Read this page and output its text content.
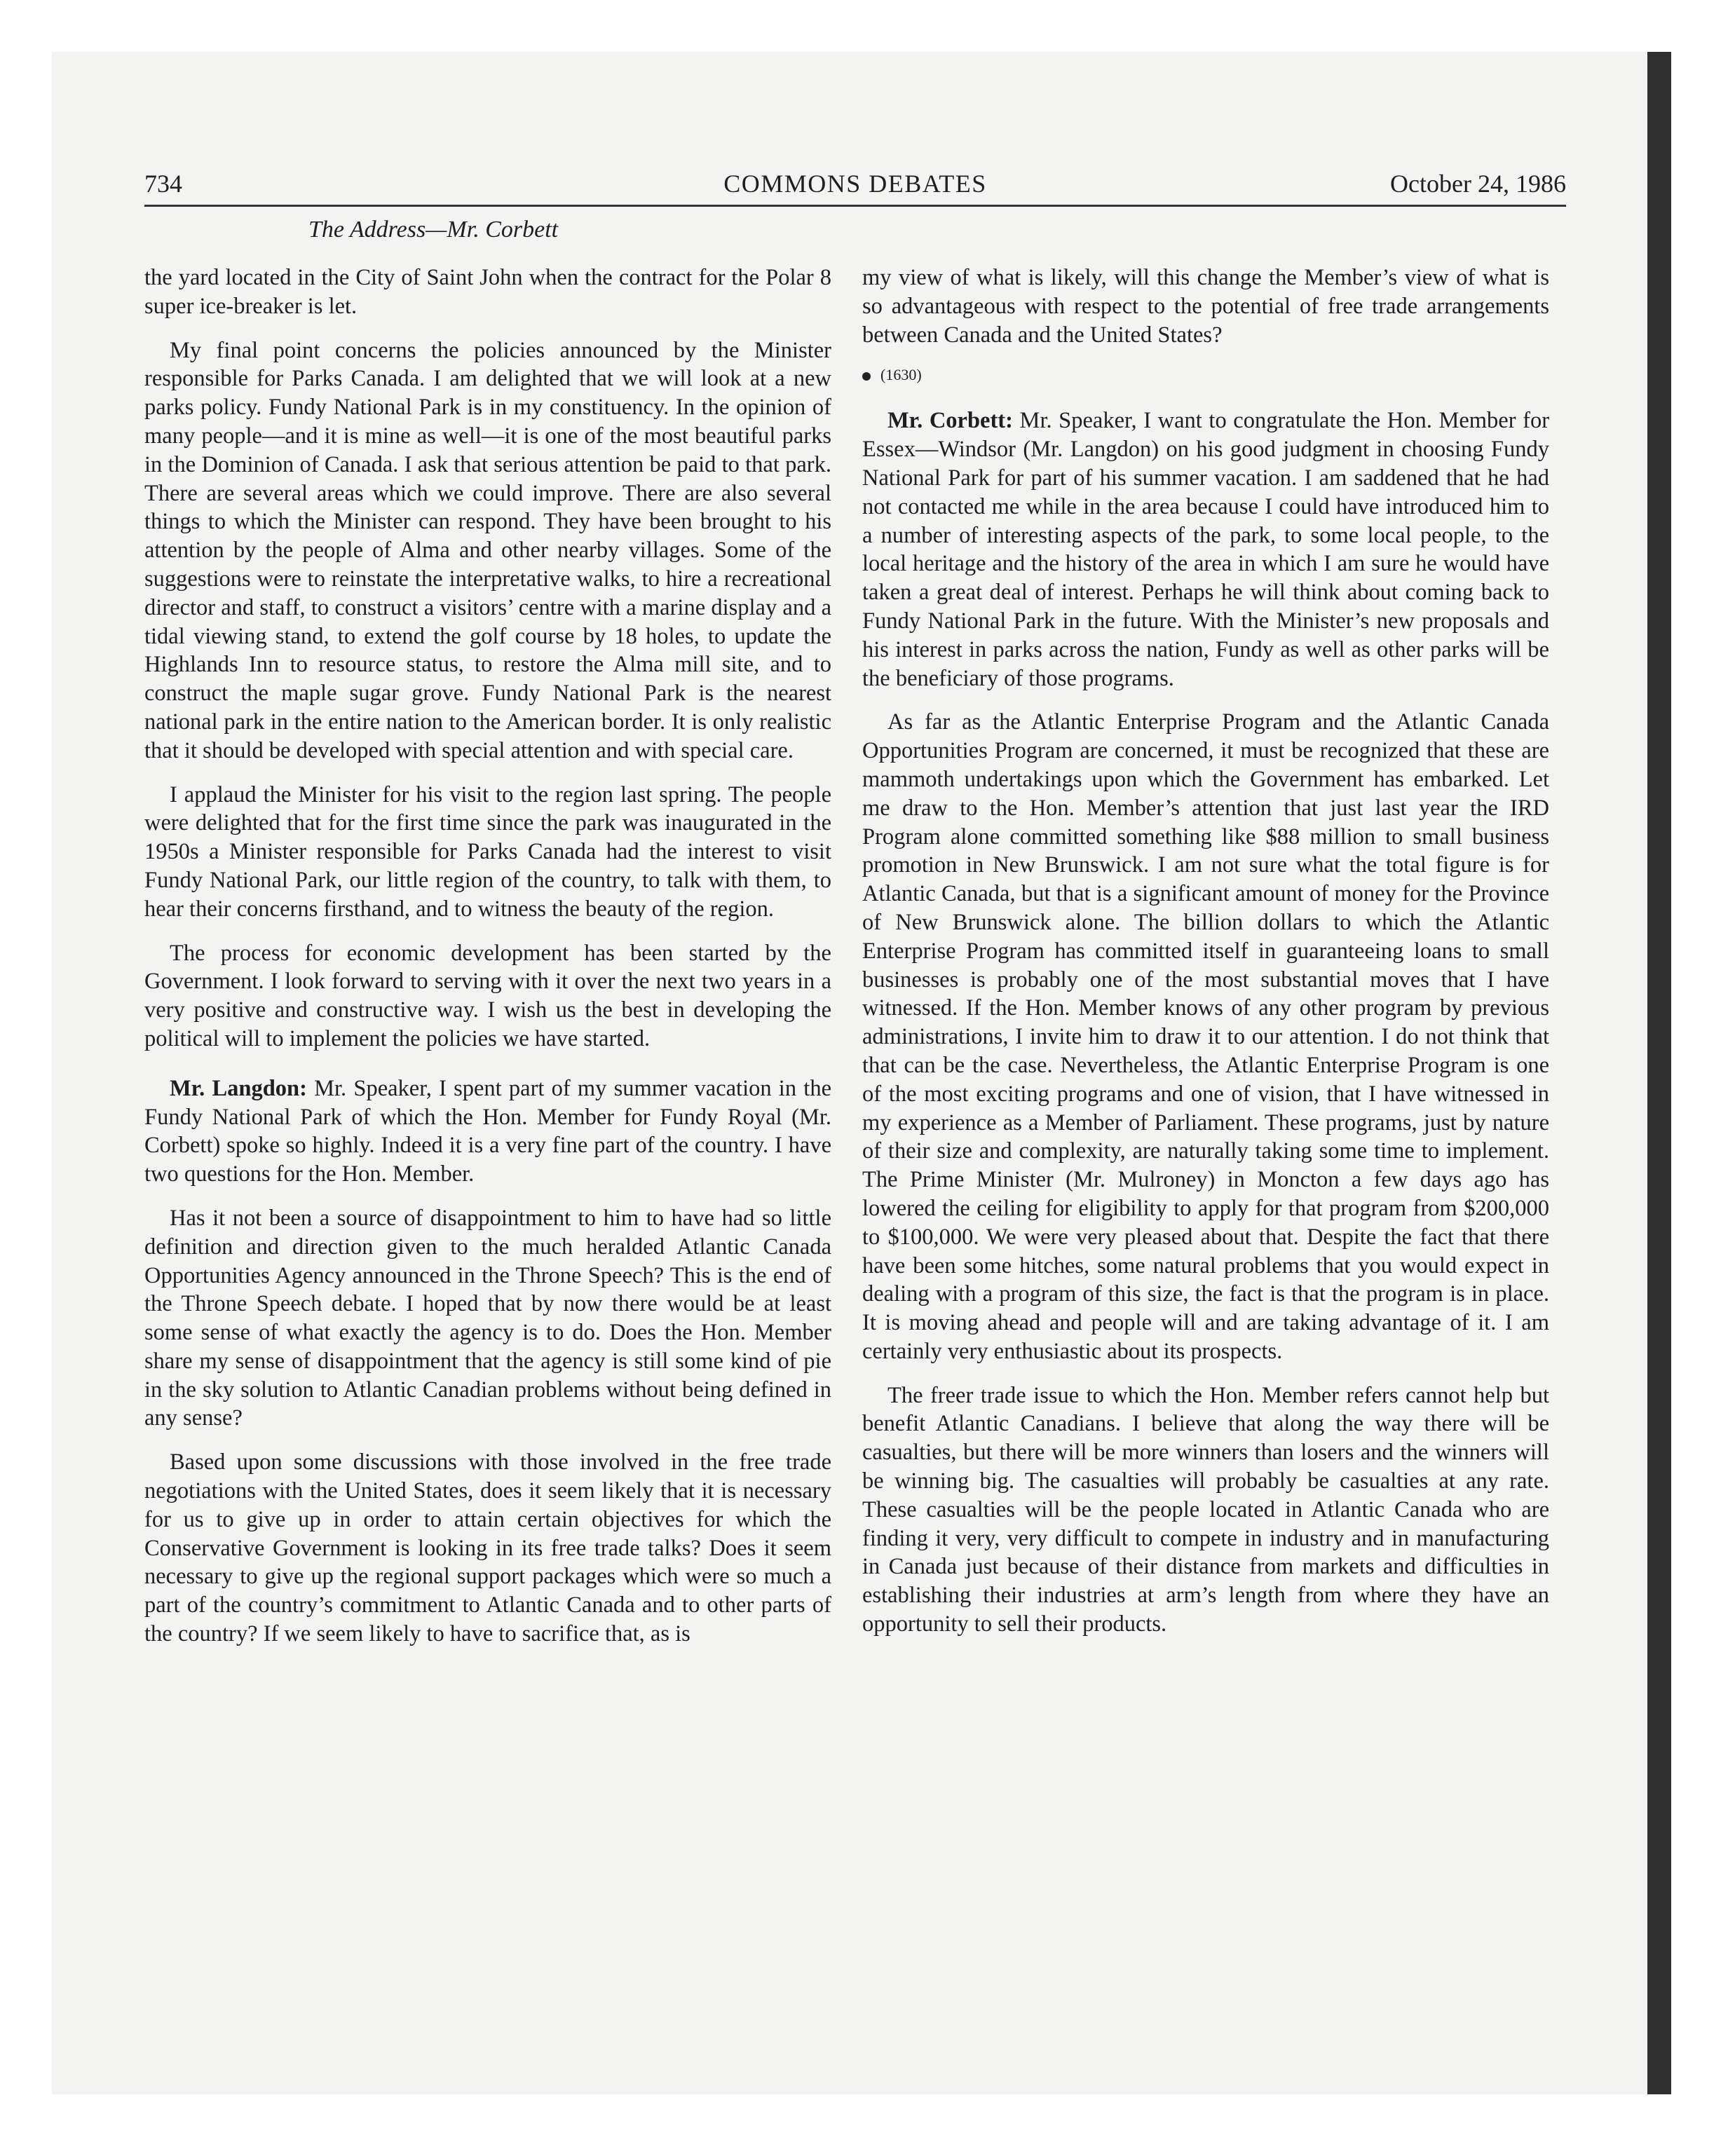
COMMONS DEBATES
734	October 24, 1986
The Address—Mr. Corbett

the yard located in the City of Saint John when the contract for the Polar 8 super ice-breaker is let.

My final point concerns the policies announced by the Minister responsible for Parks Canada. I am delighted that we will look at a new parks policy. Fundy National Park is in my constituency. In the opinion of many people—and it is mine as well—it is one of the most beautiful parks in the Dominion of Canada. I ask that serious attention be paid to that park. There are several areas which we could improve. There are also several things to which the Minister can respond. They have been brought to his attention by the people of Alma and other nearby villages. Some of the suggestions were to reinstate the interpretative walks, to hire a recreational director and staff, to construct a visitors’ centre with a marine display and a tidal viewing stand, to extend the golf course by 18 holes, to update the Highlands Inn to resource status, to restore the Alma mill site, and to construct the maple sugar grove. Fundy National Park is the nearest national park in the entire nation to the American border. It is only realistic that it should be developed with special attention and with special care.

I applaud the Minister for his visit to the region last spring. The people were delighted that for the first time since the park was inaugurated in the 1950s a Minister responsible for Parks Canada had the interest to visit Fundy National Park, our little region of the country, to talk with them, to hear their concerns firsthand, and to witness the beauty of the region.

The process for economic development has been started by the Government. I look forward to serving with it over the next two years in a very positive and constructive way. I wish us the best in developing the political will to implement the policies we have started.

Mr. Langdon: Mr. Speaker, I spent part of my summer vacation in the Fundy National Park of which the Hon. Member for Fundy Royal (Mr. Corbett) spoke so highly. Indeed it is a very fine part of the country. I have two questions for the Hon. Member.

Has it not been a source of disappointment to him to have had so little definition and direction given to the much heralded Atlantic Canada Opportunities Agency announced in the Throne Speech? This is the end of the Throne Speech debate. I hoped that by now there would be at least some sense of what exactly the agency is to do. Does the Hon. Member share my sense of disappointment that the agency is still some kind of pie in the sky solution to Atlantic Canadian problems without being defined in any sense?

Based upon some discussions with those involved in the free trade negotiations with the United States, does it seem likely that it is necessary for us to give up in order to attain certain objectives for which the Conservative Government is looking in its free trade talks? Does it seem necessary to give up the regional support packages which were so much a part of the country’s commitment to Atlantic Canada and to other parts of the country? If we seem likely to have to sacrifice that, as is

my view of what is likely, will this change the Member’s view of what is so advantageous with respect to the potential of free trade arrangements between Canada and the United States?

(1630)

Mr. Corbett: Mr. Speaker, I want to congratulate the Hon. Member for Essex—Windsor (Mr. Langdon) on his good judgment in choosing Fundy National Park for part of his summer vacation. I am saddened that he had not contacted me while in the area because I could have introduced him to a number of interesting aspects of the park, to some local people, to the local heritage and the history of the area in which I am sure he would have taken a great deal of interest. Perhaps he will think about coming back to Fundy National Park in the future. With the Minister’s new proposals and his interest in parks across the nation, Fundy as well as other parks will be the beneficiary of those programs.

As far as the Atlantic Enterprise Program and the Atlantic Canada Opportunities Program are concerned, it must be recognized that these are mammoth undertakings upon which the Government has embarked. Let me draw to the Hon. Member’s attention that just last year the IRD Program alone committed something like $88 million to small business promotion in New Brunswick. I am not sure what the total figure is for Atlantic Canada, but that is a significant amount of money for the Province of New Brunswick alone. The billion dollars to which the Atlantic Enterprise Program has committed itself in guaranteeing loans to small businesses is probably one of the most substantial moves that I have witnessed. If the Hon. Member knows of any other program by previous administrations, I invite him to draw it to our attention. I do not think that that can be the case. Nevertheless, the Atlantic Enterprise Program is one of the most exciting programs and one of vision, that I have witnessed in my experience as a Member of Parliament. These programs, just by nature of their size and complexity, are naturally taking some time to implement. The Prime Minister (Mr. Mulroney) in Moncton a few days ago has lowered the ceiling for eligibility to apply for that program from $200,000 to $100,000. We were very pleased about that. Despite the fact that there have been some hitches, some natural problems that you would expect in dealing with a program of this size, the fact is that the program is in place. It is moving ahead and people will and are taking advantage of it. I am certainly very enthusiastic about its prospects.

The freer trade issue to which the Hon. Member refers cannot help but benefit Atlantic Canadians. I believe that along the way there will be casualties, but there will be more winners than losers and the winners will be winning big. The casualties will probably be casualties at any rate. These casualties will be the people located in Atlantic Canada who are finding it very, very difficult to compete in industry and in manufacturing in Canada just because of their distance from markets and difficulties in establishing their industries at arm’s length from where they have an opportunity to sell their products.
